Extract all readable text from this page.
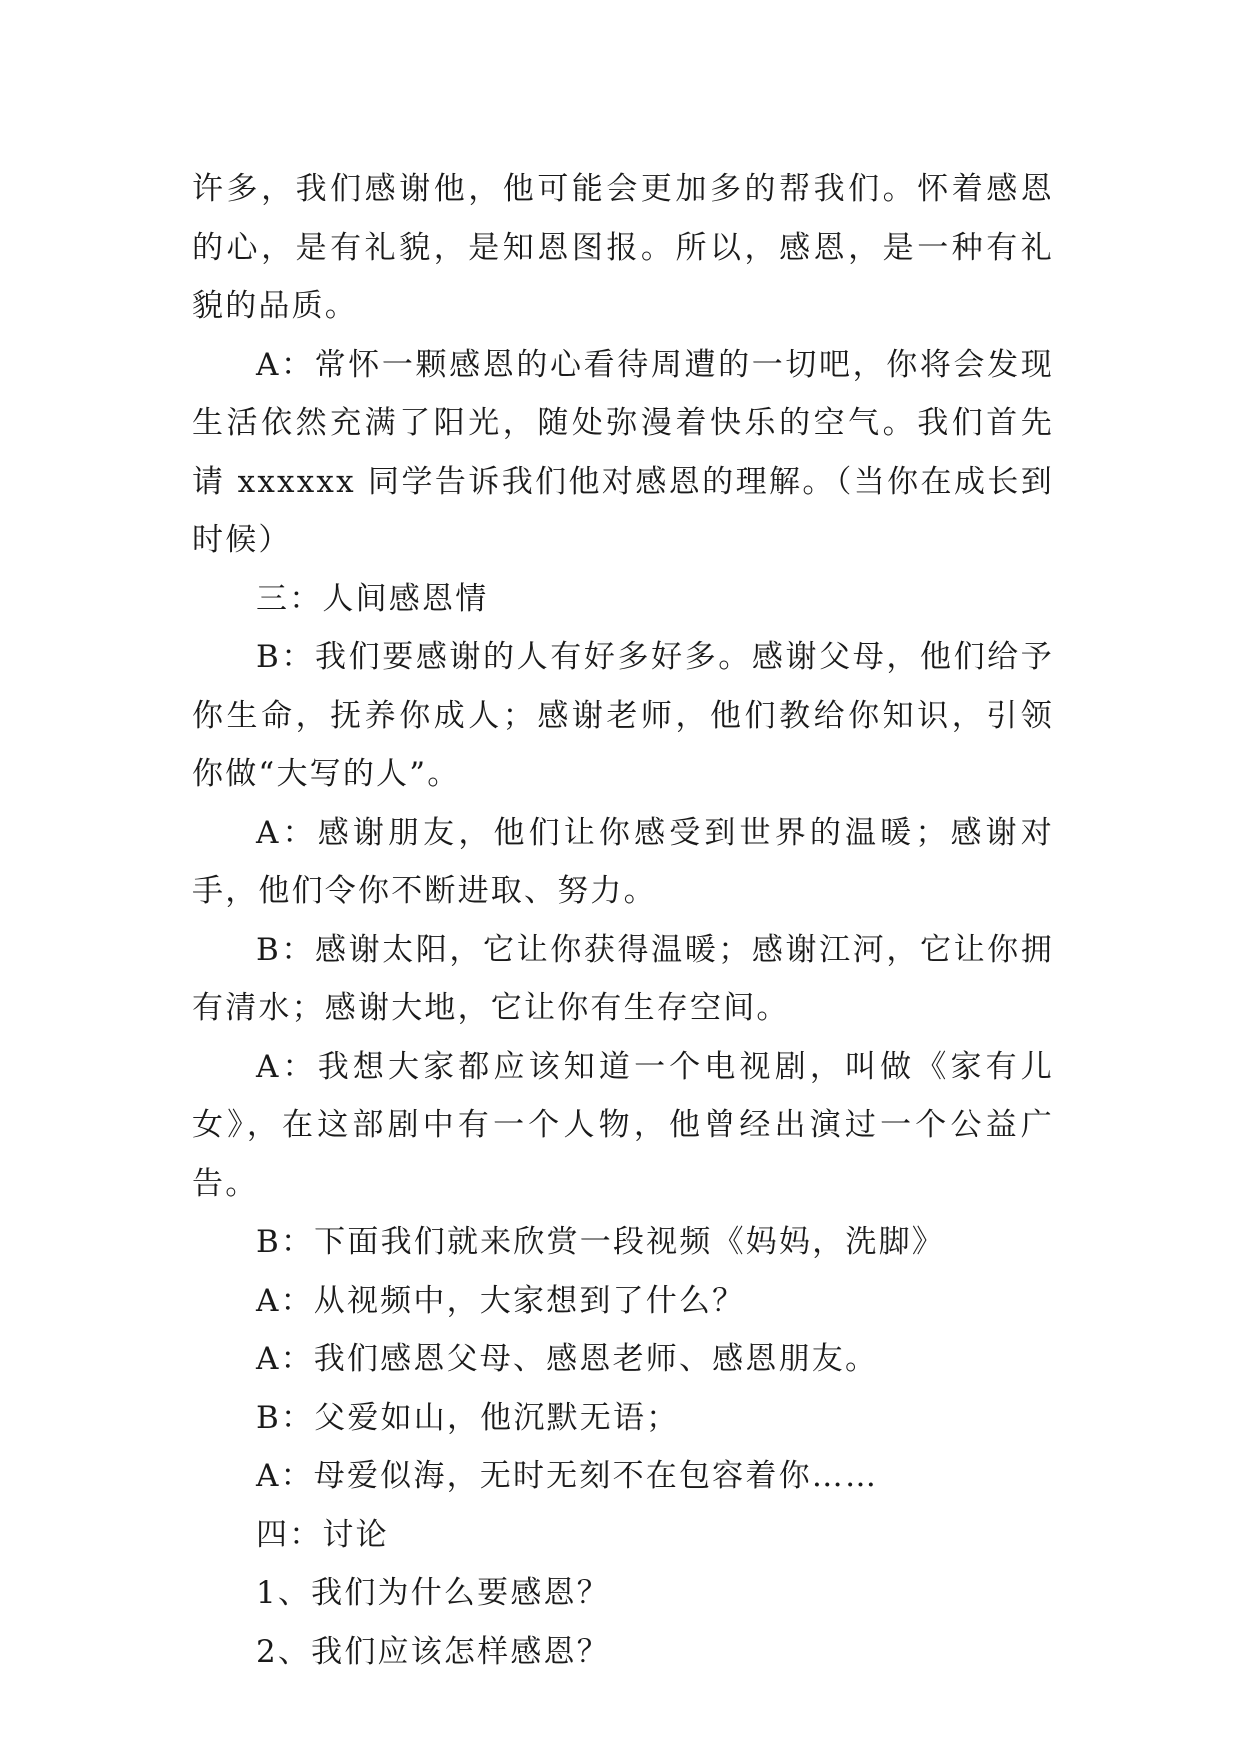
许多，我们感谢他，他可能会更加多的帮我们。怀着感恩的心，是有礼貌，是知恩图报。所以，感恩，是一种有礼貌的品质。

A：常怀一颗感恩的心看待周遭的一切吧，你将会发现生活依然充满了阳光，随处弥漫着快乐的空气。我们首先请 xxxxxx 同学告诉我们他对感恩的理解。（当你在成长到时候）

三：人间感恩情

B：我们要感谢的人有好多好多。感谢父母，他们给予你生命，抚养你成人；感谢老师，他们教给你知识，引领你做“大写的人”。

A：感谢朋友，他们让你感受到世界的温暖；感谢对手，他们令你不断进取、努力。

B：感谢太阳，它让你获得温暖；感谢江河，它让你拥有清水；感谢大地，它让你有生存空间。

A：我想大家都应该知道一个电视剧，叫做《家有儿女》，在这部剧中有一个人物，他曾经出演过一个公益广告。

B：下面我们就来欣赏一段视频《妈妈，洗脚》

A：从视频中，大家想到了什么？

A：我们感恩父母、感恩老师、感恩朋友。

B：父爱如山，他沉默无语；

A：母爱似海，无时无刻不在包容着你……

四：讨论

1、我们为什么要感恩？

2、我们应该怎样感恩？
